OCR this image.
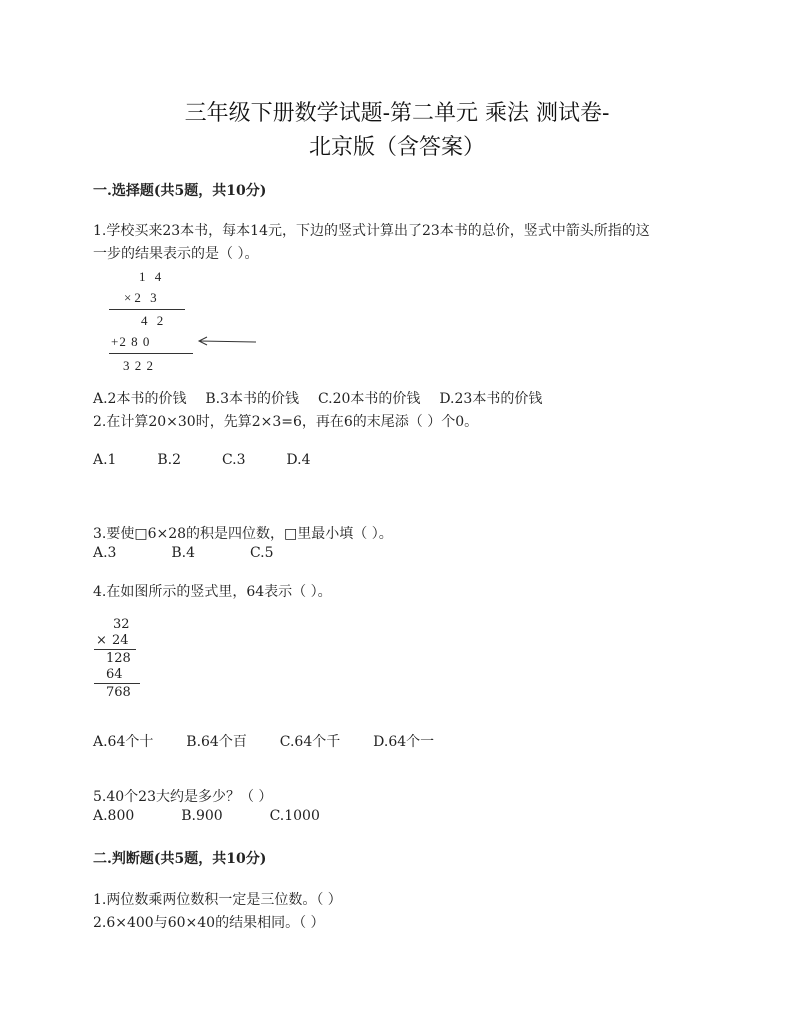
三年级下册数学试题-第二单元 乘法 测试卷-
北京版（含答案）
一.选择题(共5题，共10分)
1.学校买来23本书，每本14元，下边的竖式计算出了23本书的总价，竖式中箭头所指的这
一步的结果表示的是（ ）。
1 4
×2 3
4 2
+2 8 0
3 2 2
A.2本书的价钱 B.3本书的价钱 C.20本书的价钱 D.23本书的价钱
2.在计算20×30时，先算2×3=6，再在6的末尾添（ ）个0。
A.1	B.2	C.3	D.4
3.要使□6×28的积是四位数，□里最小填（ ）。
A.3	B.4	C.5
4.在如图所示的竖式里，64表示（ ）。
32
× 24
128
64
768
A.64个十 B.64个百 C.64个千 D.64个一
5.40个23大约是多少？（ ）
A.800	B.900	C.1000
二.判断题(共5题，共10分)
1.两位数乘两位数积一定是三位数。（ ）
2.6×400与60×40的结果相同。（ ）
